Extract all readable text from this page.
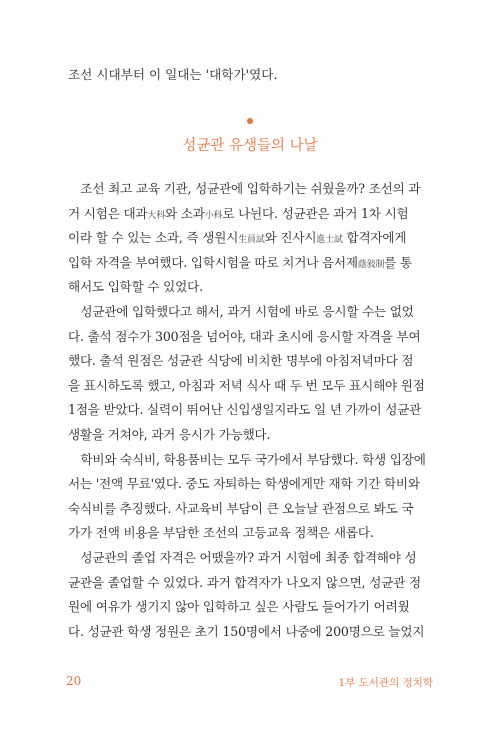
조선 시대부터 이 일대는 '대학가'였다.
성균관 유생들의 나날
 조선 최고 교육 기관, 성균관에 입학하기는 쉬웠을까? 조선의 과
거 시험은 대과大科와 소과小科로 나뉜다. 성균관은 과거 1차 시험
이라 할 수 있는 소과, 즉 생원시生員試와 진사시進士試 합격자에게
입학 자격을 부여했다. 입학시험을 따로 치거나 음서제蔭敍制를 통
해서도 입학할 수 있었다.
 성균관에 입학했다고 해서, 과거 시험에 바로 응시할 수는 없었
다. 출석 점수가 300점을 넘어야, 대과 초시에 응시할 자격을 부여
했다. 출석 원점은 성균관 식당에 비치한 명부에 아침저녁마다 점
을 표시하도록 했고, 아침과 저녁 식사 때 두 번 모두 표시해야 원점
1점을 받았다. 실력이 뛰어난 신입생일지라도 일 년 가까이 성균관
생활을 거쳐야, 과거 응시가 가능했다.
 학비와 숙식비, 학용품비는 모두 국가에서 부담했다. 학생 입장에
서는 '전액 무료'였다. 중도 자퇴하는 학생에게만 재학 기간 학비와
숙식비를 추징했다. 사교육비 부담이 큰 오늘날 관점으로 봐도 국
가가 전액 비용을 부담한 조선의 고등교육 정책은 새롭다.
 성균관의 졸업 자격은 어땠을까? 과거 시험에 최종 합격해야 성
균관을 졸업할 수 있었다. 과거 합격자가 나오지 않으면, 성균관 정
원에 여유가 생기지 않아 입학하고 싶은 사람도 들어가기 어려웠
다. 성균관 학생 정원은 초기 150명에서 나중에 200명으로 늘었지
20	1부 도서관의 정치학
